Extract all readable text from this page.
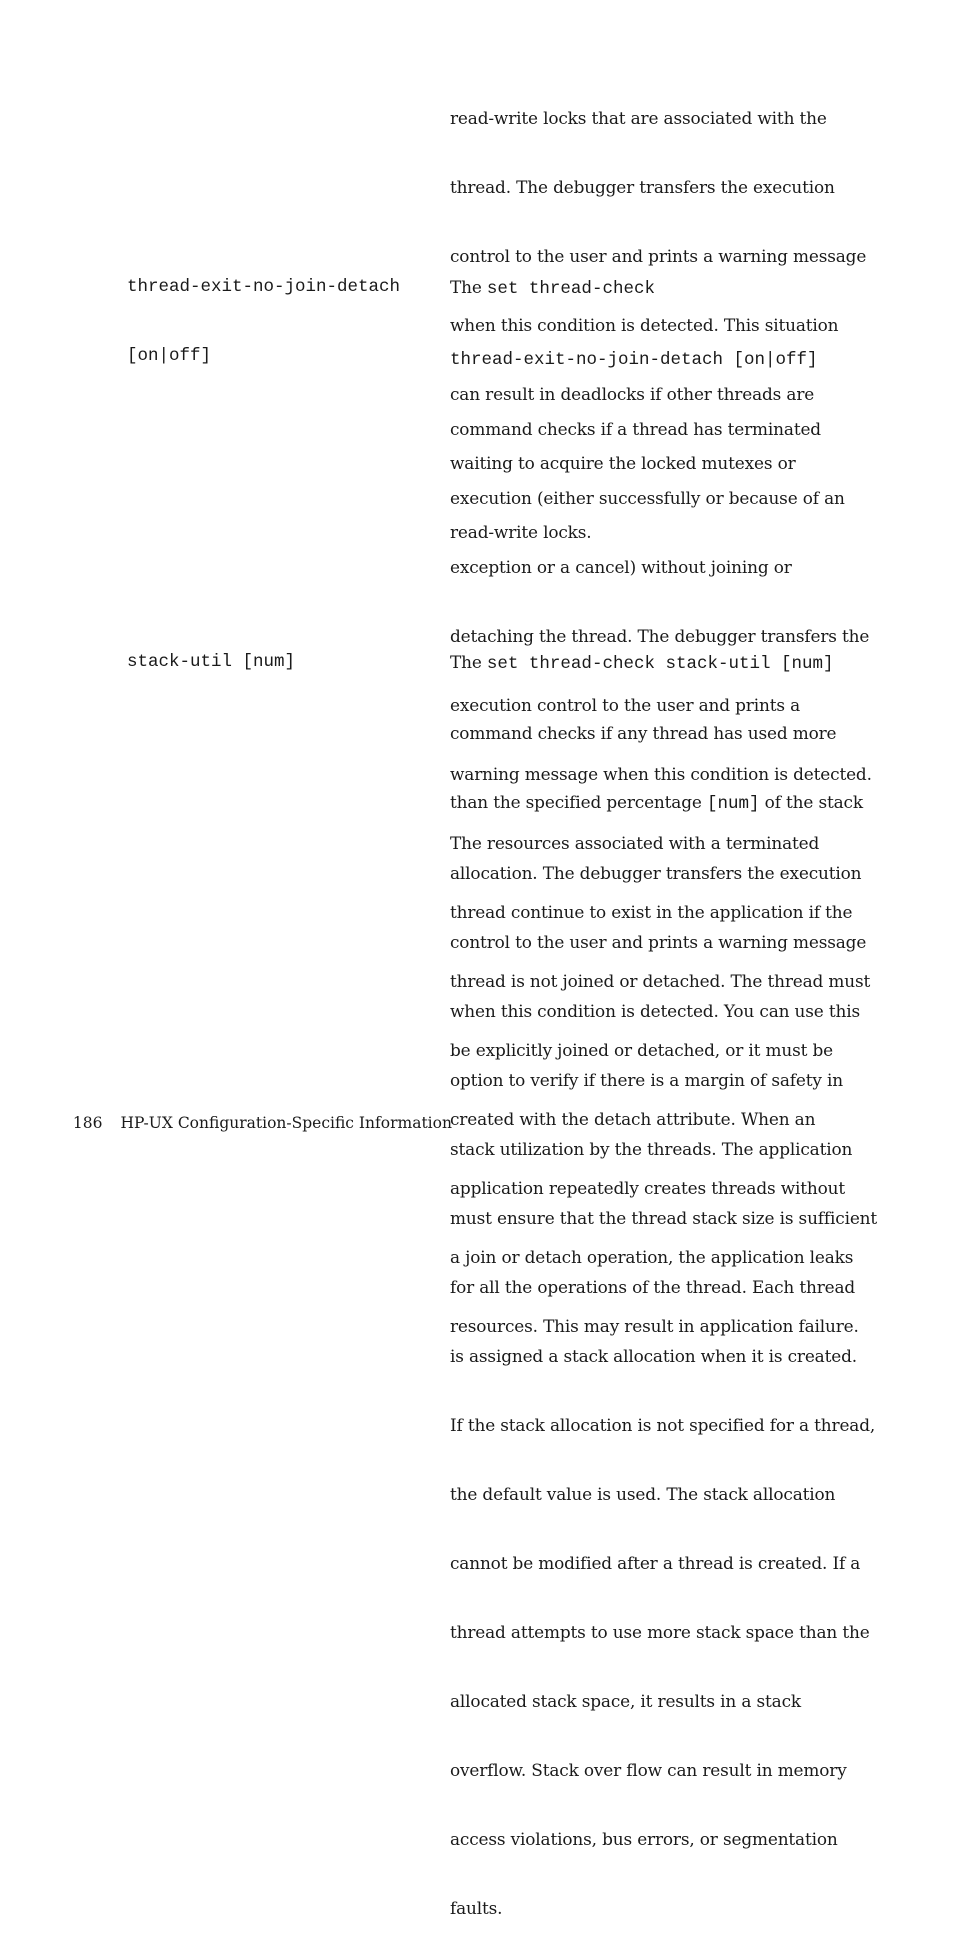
read-write locks that are associated with the

thread. The debugger transfers the execution

control to the user and prints a warning message

when this condition is detected. This situation

can result in deadlocks if other threads are

waiting to acquire the locked mutexes or

read-write locks.

thread-exit-no-join-detach

[on|off]

The set thread-check

thread-exit-no-join-detach [on|off]

command checks if a thread has terminated

execution (either successfully or because of an

exception or a cancel) without joining or

detaching the thread. The debugger transfers the

execution control to the user and prints a

warning message when this condition is detected.

The resources associated with a terminated

thread continue to exist in the application if the

thread is not joined or detached. The thread must

be explicitly joined or detached, or it must be

created with the detach attribute. When an

application repeatedly creates threads without

a join or detach operation, the application leaks

resources. This may result in application failure.

stack-util [num]

	The set thread-check stack-util [num]

command checks if any thread has used more

than the specified percentage [num] of the stack

allocation. The debugger transfers the execution

control to the user and prints a warning message

when this condition is detected. You can use this

option to verify if there is a margin of safety in

stack utilization by the threads. The application

must ensure that the thread stack size is sufficient

for all the operations of the thread. Each thread

is assigned a stack allocation when it is created.

If the stack allocation is not specified for a thread,

the default value is used. The stack allocation

cannot be modified after a thread is created. If a

thread attempts to use more stack space than the

allocated stack space, it results in a stack

overflow. Stack over flow can result in memory

access violations, bus errors, or segmentation

faults.

186 HP-UX Configuration-Specific Information
